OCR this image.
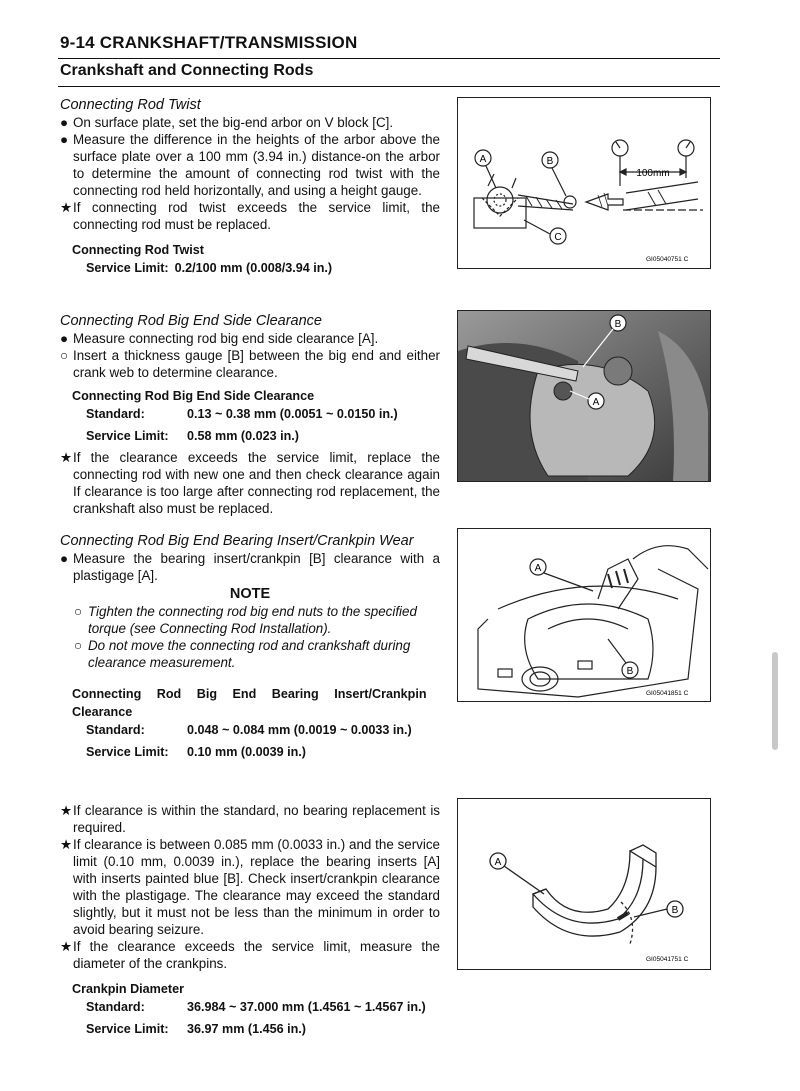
9-14 CRANKSHAFT/TRANSMISSION
Crankshaft and Connecting Rods
Connecting Rod Twist
● On surface plate, set the big-end arbor on V block [C].
● Measure the difference in the heights of the arbor above the surface plate over a 100 mm (3.94 in.) distance-on the arbor to determine the amount of connecting rod twist with the connecting rod held horizontally, and using a height gauge.
★ If connecting rod twist exceeds the service limit, the connecting rod must be replaced.
Connecting Rod Twist
Service Limit: 0.2/100 mm (0.008/3.94 in.)
A	B
C
100mm
GI05040751 C
Connecting Rod Big End Side Clearance
● Measure connecting rod big end side clearance [A].
○ Insert a thickness gauge [B] between the big end and either crank web to determine clearance.
Connecting Rod Big End Side Clearance
Standard:	0.13 ~ 0.38 mm (0.0051 ~ 0.0150 in.)
Service Limit:	0.58 mm (0.023 in.)
★ If the clearance exceeds the service limit, replace the connecting rod with new one and then check clearance again If clearance is too large after connecting rod replacement, the crankshaft also must be replaced.
B
A
Connecting Rod Big End Bearing Insert/Crankpin Wear
● Measure the bearing insert/crankpin [B] clearance with a plastigage [A].
NOTE
○ Tighten the connecting rod big end nuts to the specified torque (see Connecting Rod Installation).
○ Do not move the connecting rod and crankshaft during clearance measurement.
Connecting Rod Big End Bearing Insert/Crankpin Clearance
Standard:	0.048 ~ 0.084 mm (0.0019 ~ 0.0033 in.)
Service Limit:	0.10 mm (0.0039 in.)
A
B
GI05041851 C
★ If clearance is within the standard, no bearing replacement is required.
★ If clearance is between 0.085 mm (0.0033 in.) and the service limit (0.10 mm, 0.0039 in.), replace the bearing inserts [A] with inserts painted blue [B]. Check insert/crankpin clearance with the plastigage. The clearance may exceed the standard slightly, but it must not be less than the minimum in order to avoid bearing seizure.
★ If the clearance exceeds the service limit, measure the diameter of the crankpins.
Crankpin Diameter
Standard:	36.984 ~ 37.000 mm (1.4561 ~ 1.4567 in.)
Service Limit:	36.97 mm (1.456 in.)
A
B
GI05041751 C
